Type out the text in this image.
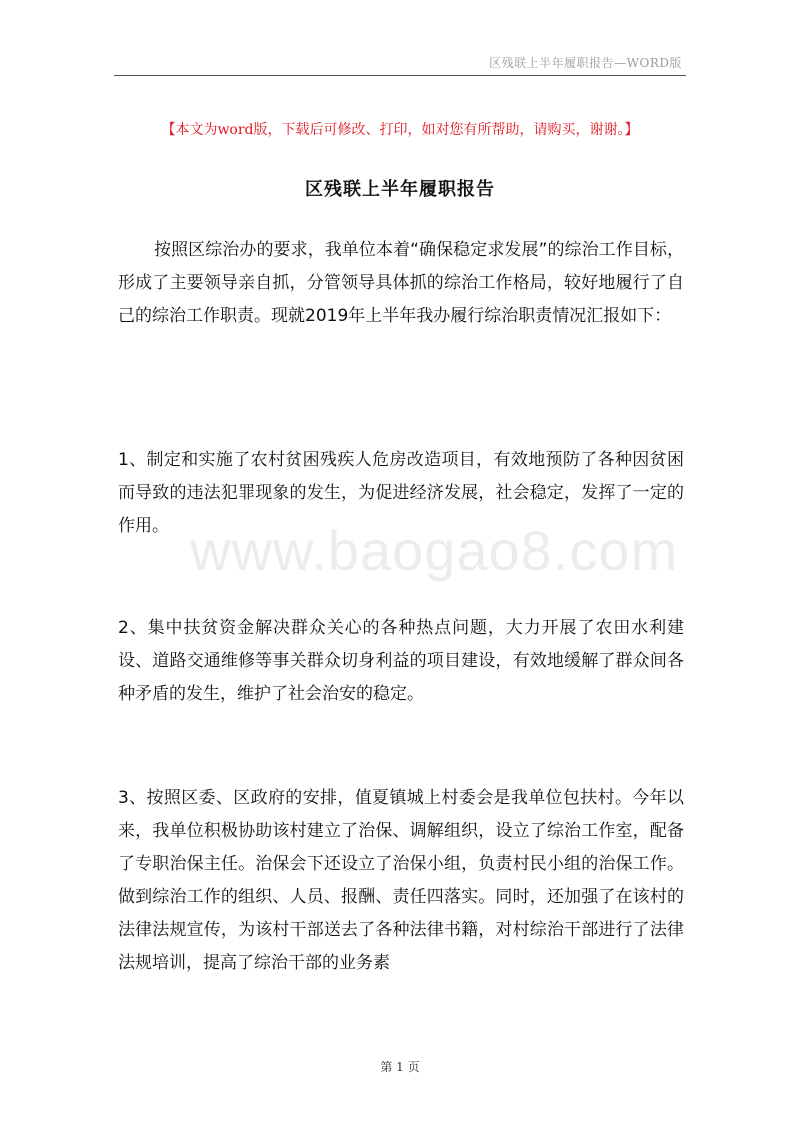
区残联上半年履职报告—WORD版
【本文为word版，下载后可修改、打印，如对您有所帮助，请购买，谢谢。】
区残联上半年履职报告

按照区综治办的要求，我单位本着“确保稳定求发展”的综治工作目标，形成了主要领导亲自抓，分管领导具体抓的综治工作格局，较好地履行了自己的综治工作职责。现就2019年上半年我办履行综治职责情况汇报如下：

1、制定和实施了农村贫困残疾人危房改造项目，有效地预防了各种因贫困而导致的违法犯罪现象的发生，为促进经济发展，社会稳定，发挥了一定的作用。

2、集中扶贫资金解决群众关心的各种热点问题，大力开展了农田水利建设、道路交通维修等事关群众切身利益的项目建设，有效地缓解了群众间各种矛盾的发生，维护了社会治安的稳定。

3、按照区委、区政府的安排，值夏镇城上村委会是我单位包扶村。今年以来，我单位积极协助该村建立了治保、调解组织，设立了综治工作室，配备了专职治保主任。治保会下还设立了治保小组，负责村民小组的治保工作。做到综治工作的组织、人员、报酬、责任四落实。同时，还加强了在该村的法律法规宣传，为该村干部送去了各种法律书籍，对村综治干部进行了法律法规培训，提高了综治干部的业务素

www.baogao8.com
第 1 页
